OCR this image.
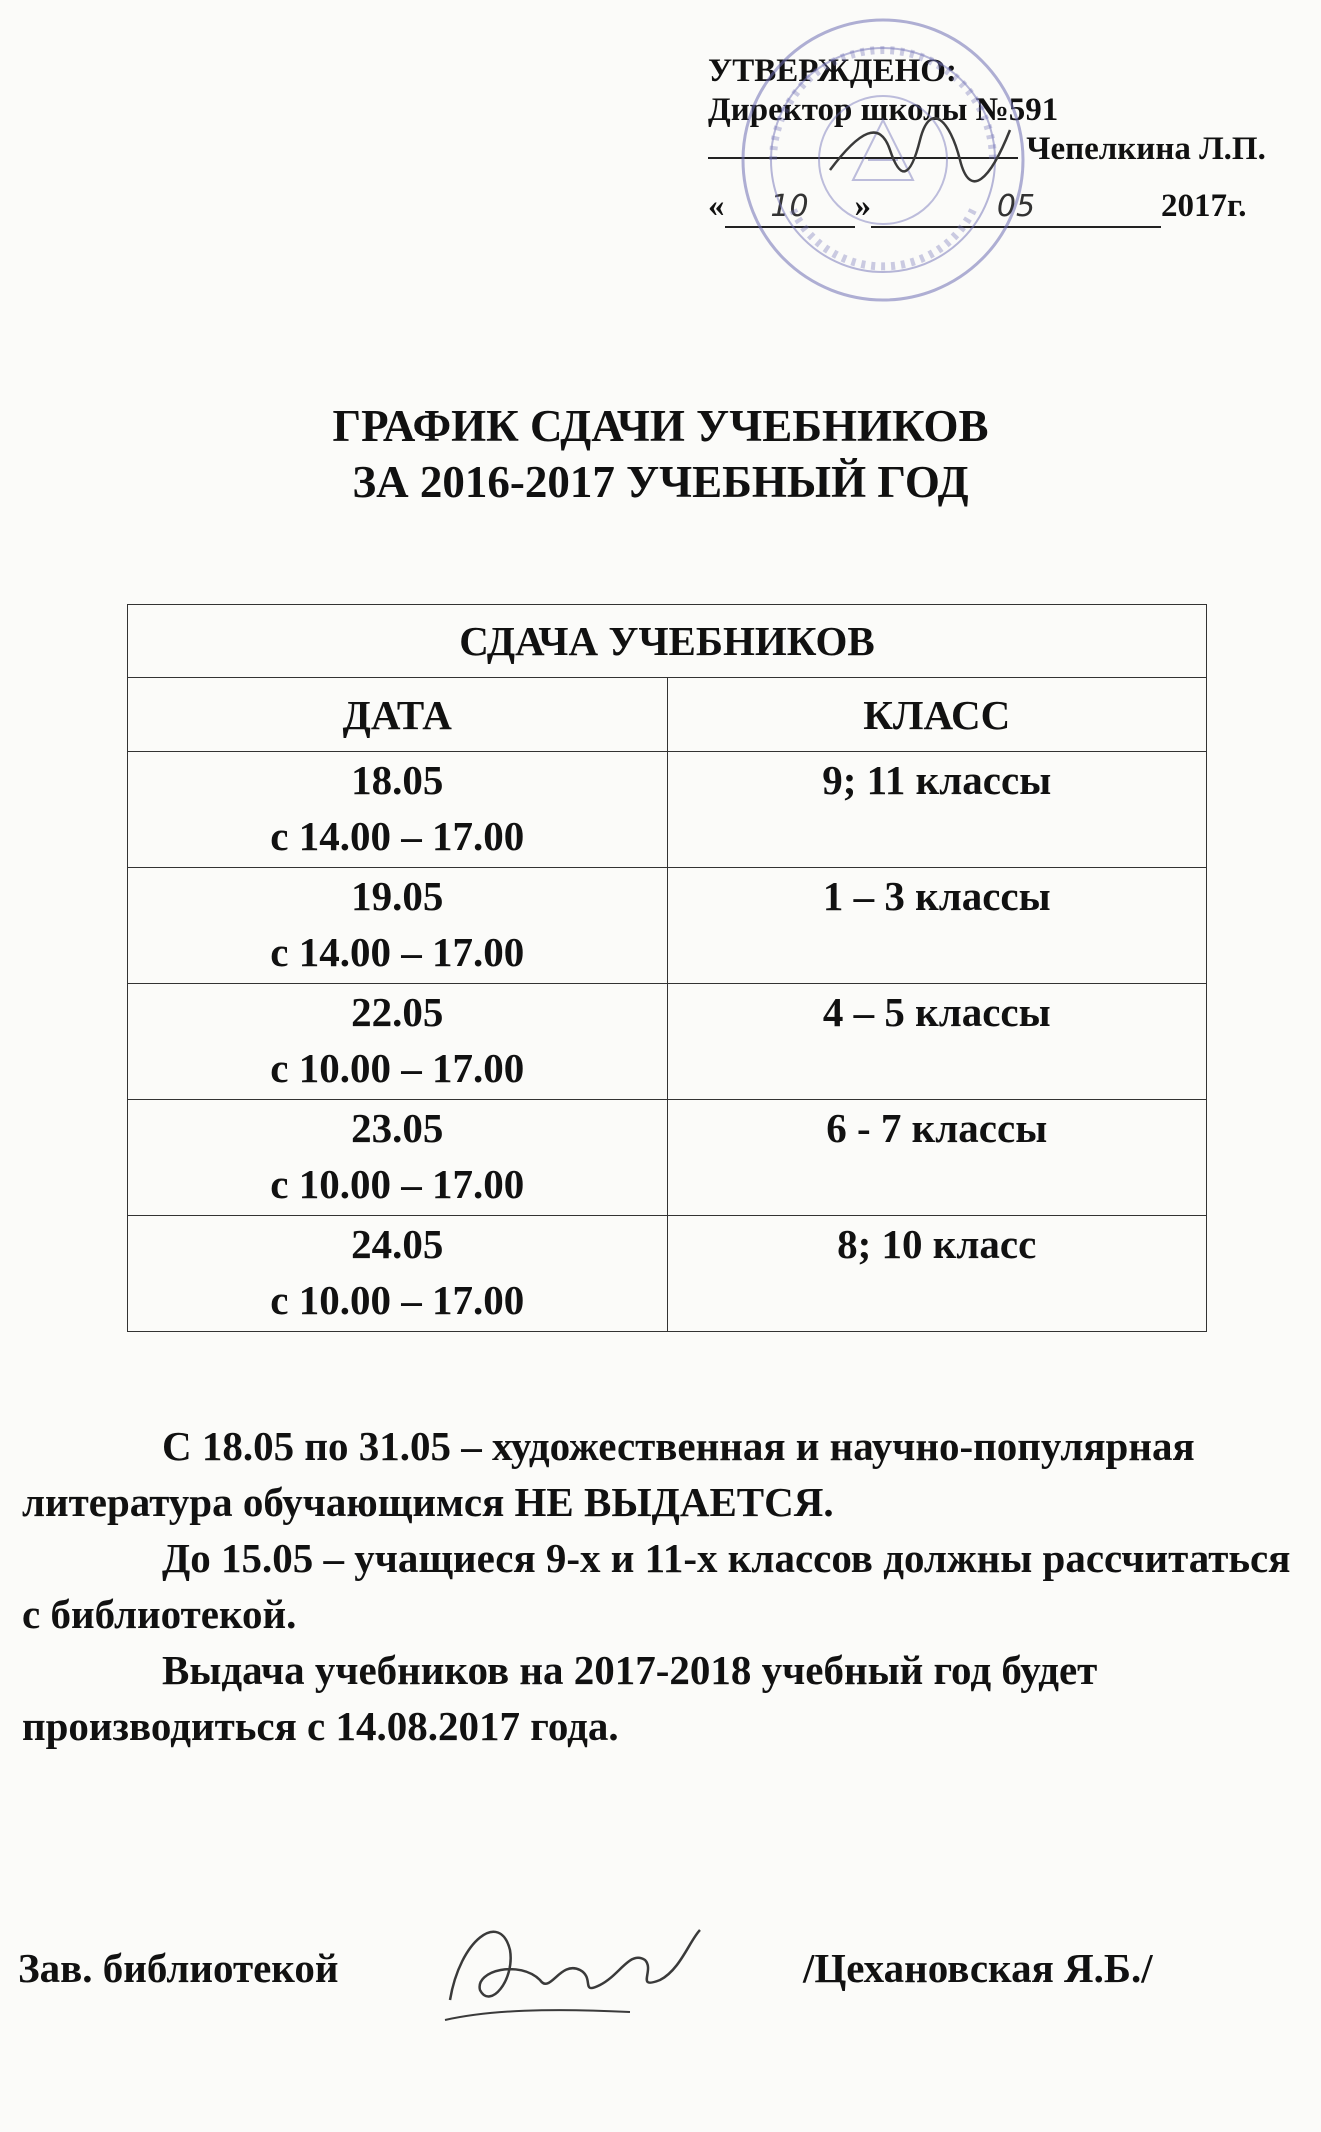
УТВЕРЖДЕНО:
Директор школы №591
Чепелкина Л.П.
« 10 »	05	2017г.
ГРАФИК СДАЧИ УЧЕБНИКОВ
ЗА 2016-2017 УЧЕБНЫЙ ГОД
СДАЧА УЧЕБНИКОВ	
ДАТА	КЛАСС

18.05
с 14.00 – 17.00	9; 11 классы

19.05
с 14.00 – 17.00	1 – 3 классы

22.05
с 10.00 – 17.00	4 – 5 классы

23.05
с 10.00 – 17.00	6 - 7 классы

24.05
с 10.00 – 17.00	8; 10 класс

С 18.05 по 31.05 – художественная и научно-популярная литература обучающимся НЕ ВЫДАЕТСЯ.

До 15.05 – учащиеся 9-х и 11-х классов должны рассчитаться с библиотекой.

Выдача учебников на 2017-2018 учебный год будет производиться с 14.08.2017 года.

Зав. библиотекой	/Цехановская Я.Б./
